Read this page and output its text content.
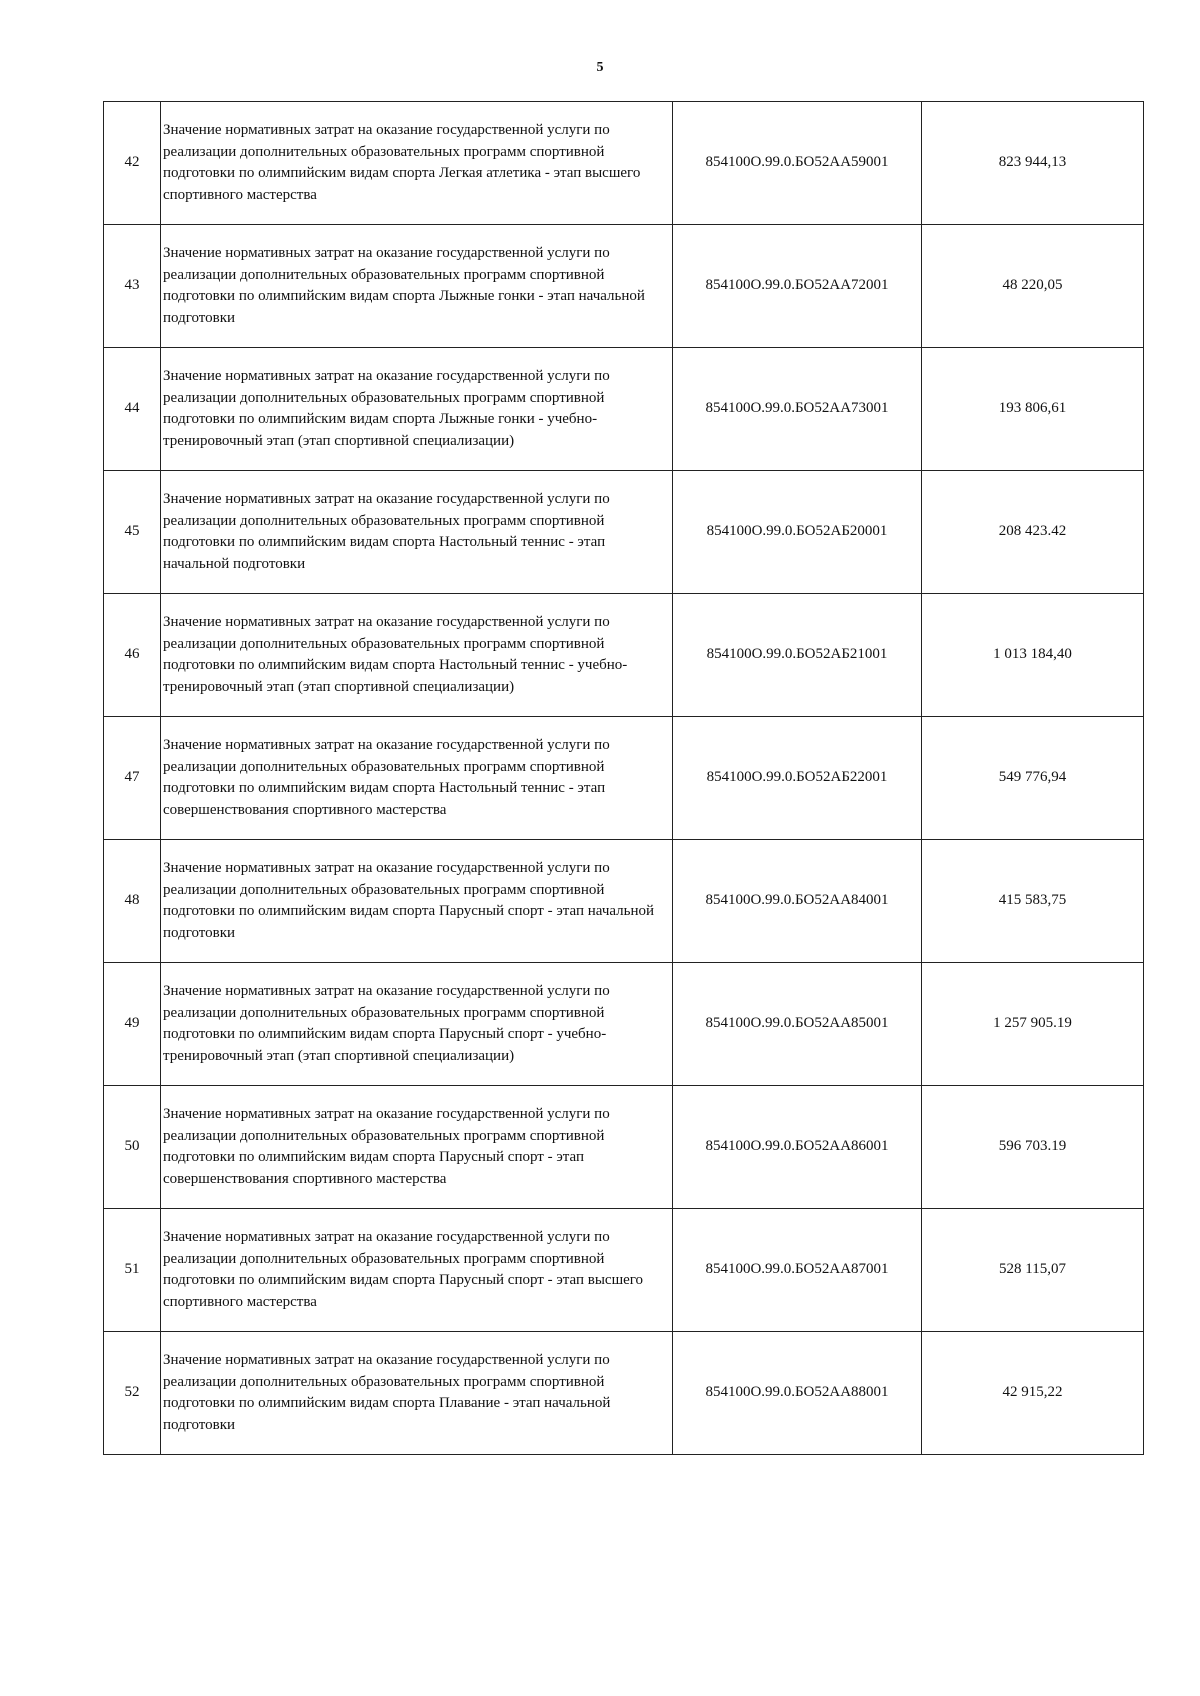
5
42	Значение нормативных затрат на оказание государственной услуги по реализации дополнительных образовательных программ спортивной подготовки по олимпийским видам спорта Легкая атлетика - этап высшего спортивного мастерства	854100О.99.0.БО52АА59001	823 944,13
43	Значение нормативных затрат на оказание государственной услуги по реализации дополнительных образовательных программ спортивной подготовки по олимпийским видам спорта Лыжные гонки - этап начальной подготовки	854100О.99.0.БО52АА72001	48 220,05
44	Значение нормативных затрат на оказание государственной услуги по реализации дополнительных образовательных программ спортивной подготовки по олимпийским видам спорта Лыжные гонки - учебно-тренировочный этап (этап спортивной специализации)	854100О.99.0.БО52АА73001	193 806,61
45	Значение нормативных затрат на оказание государственной услуги по реализации дополнительных образовательных программ спортивной подготовки по олимпийским видам спорта Настольный теннис - этап начальной подготовки	854100О.99.0.БО52АБ20001	208 423.42
46	Значение нормативных затрат на оказание государственной услуги по реализации дополнительных образовательных программ спортивной подготовки по олимпийским видам спорта Настольный теннис - учебно-тренировочный этап (этап спортивной специализации)	854100О.99.0.БО52АБ21001	1 013 184,40
47	Значение нормативных затрат на оказание государственной услуги по реализации дополнительных образовательных программ спортивной подготовки по олимпийским видам спорта Настольный теннис - этап совершенствования спортивного мастерства	854100О.99.0.БО52АБ22001	549 776,94
48	Значение нормативных затрат на оказание государственной услуги по реализации дополнительных образовательных программ спортивной подготовки по олимпийским видам спорта Парусный спорт - этап начальной подготовки	854100О.99.0.БО52АА84001	415 583,75
49	Значение нормативных затрат на оказание государственной услуги по реализации дополнительных образовательных программ спортивной подготовки по олимпийским видам спорта Парусный спорт - учебно-тренировочный этап (этап спортивной специализации)	854100О.99.0.БО52АА85001	1 257 905.19
50	Значение нормативных затрат на оказание государственной услуги по реализации дополнительных образовательных программ спортивной подготовки по олимпийским видам спорта Парусный спорт - этап совершенствования спортивного мастерства	854100О.99.0.БО52АА86001	596 703.19
51	Значение нормативных затрат на оказание государственной услуги по реализации дополнительных образовательных программ спортивной подготовки по олимпийским видам спорта Парусный спорт - этап высшего спортивного мастерства	854100О.99.0.БО52АА87001	528 115,07
52	Значение нормативных затрат на оказание государственной услуги по реализации дополнительных образовательных программ спортивной подготовки по олимпийским видам спорта Плавание - этап начальной подготовки	854100О.99.0.БО52АА88001	42 915,22
